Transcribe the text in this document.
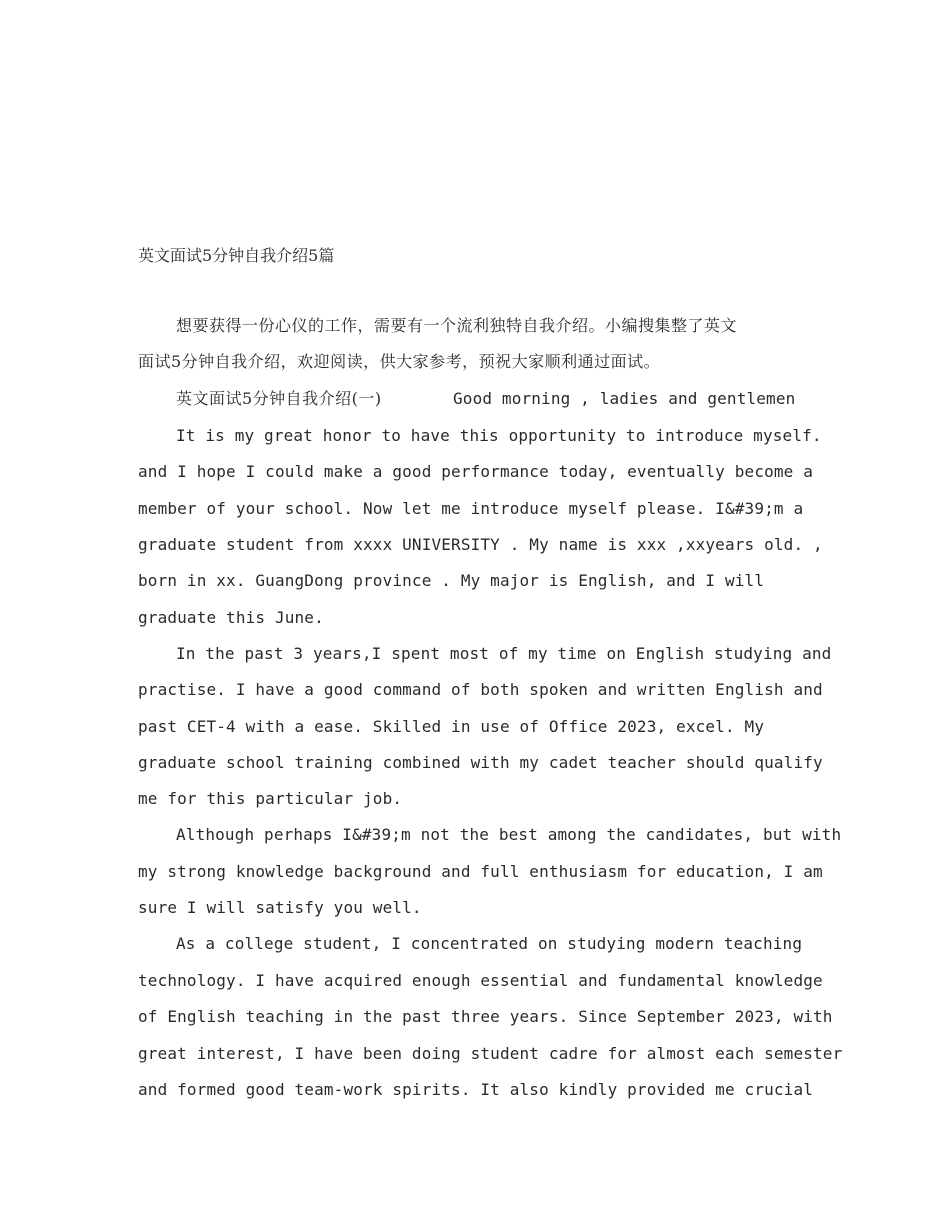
英文面试5分钟自我介绍5篇
想要获得一份心仪的工作，需要有一个流利独特自我介绍。小编搜集整了英文
面试5分钟自我介绍，欢迎阅读，供大家参考，预祝大家顺利通过面试。
英文面试5分钟自我介绍(一)	Good morning , ladies and gentlemen
It is my great honor to have this opportunity to introduce myself.
and I hope I could make a good performance today, eventually become a
member of your school. Now let me introduce myself please. I&#39;m a
graduate student from xxxx UNIVERSITY . My name is xxx ,xxyears old. ,
born in xx. GuangDong province . My major is English, and I will
graduate this June.
In the past 3 years,I spent most of my time on English studying and
practise. I have a good command of both spoken and written English and
past CET-4 with a ease. Skilled in use of Office 2023, excel. My
graduate school training combined with my cadet teacher should qualify
me for this particular job.
Although perhaps I&#39;m not the best among the candidates, but with
my strong knowledge background and full enthusiasm for education, I am
sure I will satisfy you well.
As a college student, I concentrated on studying modern teaching
technology. I have acquired enough essential and fundamental knowledge
of English teaching in the past three years. Since September 2023, with
great interest, I have been doing student cadre for almost each semester
and formed good team-work spirits. It also kindly provided me crucial
